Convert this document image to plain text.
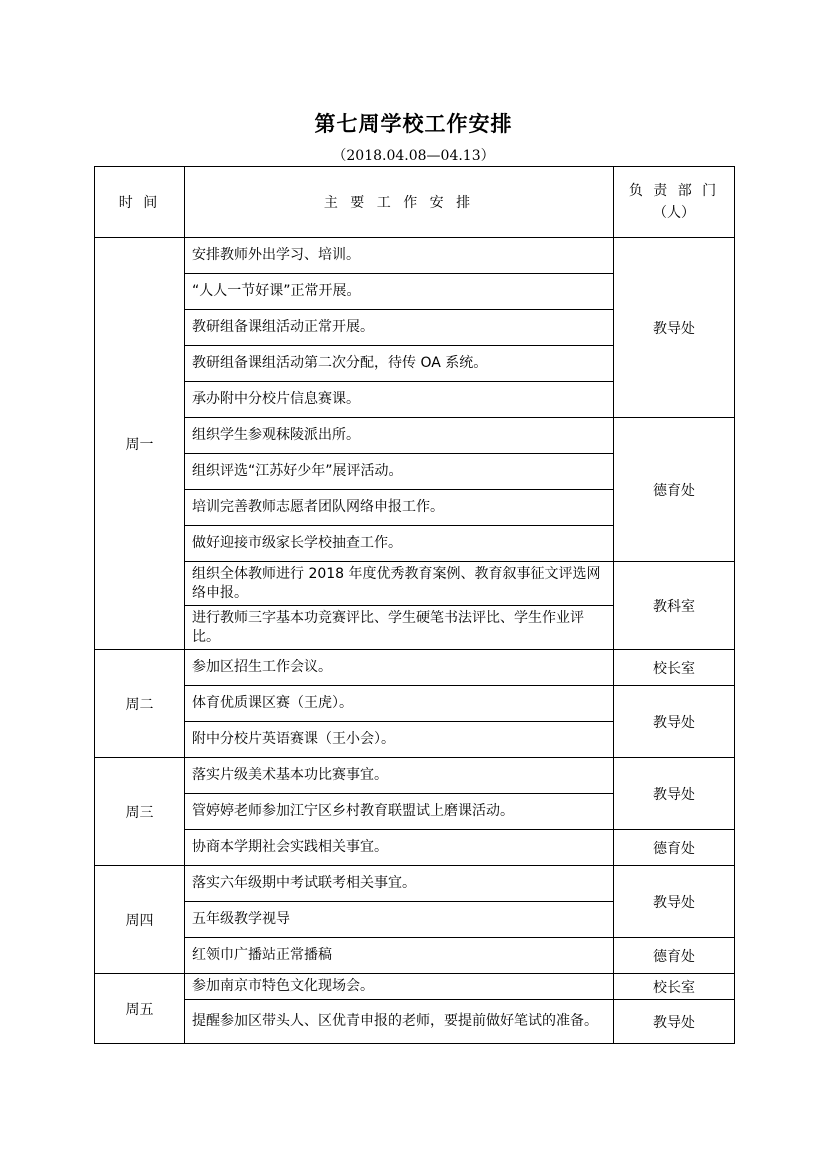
第七周学校工作安排
（2018.04.08—04.13）
时 间	主 要 工 作 安 排	负 责 部 门
（人）

周一	安排教师外出学习、培训。	教导处
	“人人一节好课”正常开展。	
	教研组备课组活动正常开展。	
	教研组备课组活动第二次分配，待传 OA 系统。	
	承办附中分校片信息赛课。	
	组织学生参观秣陵派出所。	德育处
	组织评选“江苏好少年”展评活动。	
	培训完善教师志愿者团队网络申报工作。	
	做好迎接市级家长学校抽查工作。	
	组织全体教师进行 2018 年度优秀教育案例、教育叙事征文评选网络申报。	教科室
	进行教师三字基本功竞赛评比、学生硬笔书法评比、学生作业评比。	
周二	参加区招生工作会议。	校长室
	体育优质课区赛（王虎）。	教导处
	附中分校片英语赛课（王小会）。	
周三	落实片级美术基本功比赛事宜。	教导处
	管婷婷老师参加江宁区乡村教育联盟试上磨课活动。	
	协商本学期社会实践相关事宜。	德育处
周四	落实六年级期中考试联考相关事宜。	教导处
	五年级教学视导	
	红领巾广播站正常播稿	德育处
周五	参加南京市特色文化现场会。	校长室
	提醒参加区带头人、区优青申报的老师，要提前做好笔试的准备。	教导处
